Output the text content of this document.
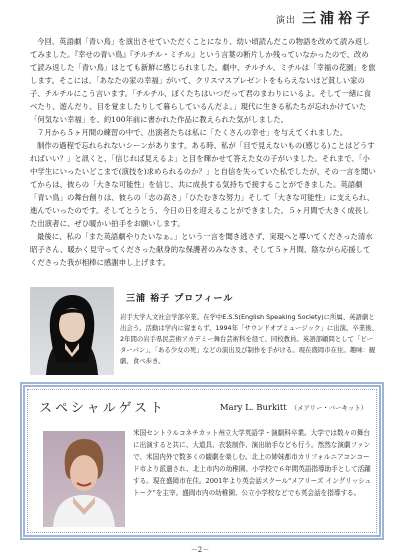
演出 三浦裕子

今回、英語劇「青い鳥」を演出させていただくことになり、幼い頃読んだこの物語を改めて読み返してみました。『幸せの青い鳥』『チルチル・ミチル』という言葉の断片しか残っていなかったので、改めて読み返した「青い鳥」はとても新鮮に感じられました。劇中、チルチル、ミチルは「幸福の花園」を旅します。そこには、「あなたの家の幸福」がいて、クリスマスプレゼントをもらえないほど貧しい家の子、チルチルにこう言います。「チルチル、ぼくたちはいつだって君のまわりにいるよ。そして一緒に食べたり、遊んだり、目を覚ましたりして暮らしているんだよ。」現代に生きる私たちが忘れかけていた「何気ない幸福」を、約100年前に書かれた作品に教えられた気がしました。

７月から５ヶ月間の練習の中で、出演者たちは私に「たくさんの幸せ」を与えてくれました。

制作の過程で忘れられないシーンがあります。ある時、私が「目で見えないもの(感じる)ことはどうすればいい？」と訊くと、「信じれば見えるよ」と目を輝かせて答えた女の子がいました。それまで、「小中学生にいったいどこまで(演技を)求められるのか？」と自信を失っていた私でしたが、その一言を聞いてからは、彼らの「大きな可能性」を信じ、共に成長する気持ちで接することができました。英語劇「青い鳥」の舞台創りは、彼らの「志の高さ」「ひたむきな努力」そして「大きな可能性」に支えられ、進んでいったのです。そしてとうとう、今日の日を迎えることができました。５ヶ月間で大きく成長した出演者に、ぜひ暖かい拍手をお願いします。

最後に、私の「また英語劇やりたいなぁ。」という一言を聞き逃さず、実現へと導いてくださった清水昭子さん、暖かく見守ってくださった献身的な保護者のみなさま、そして５ヶ月間、陰ながら応援してくださった我が相棒に感謝申し上げます。

三浦 裕子 プロフィール
岩手大学人文社会学部卒業。在学中E.S.S(English Speaking Society)に所属、英語劇と出会う。活動は学内に留まらず、1994年「サウンドオブミュージック」に出演。卒業後、2年間の岩手県民芸術アカデミー舞台芸術科を経て、同校教員。英語部顧問として「ピーターパン」、「ある少女の死」などの演出及び制作を手がける。現在盛岡市在住。趣味：観劇、食べ歩き。
スペシャルゲスト	Mary L. Burkitt （メアリー・バーキット）
米国セントラルコネチカット州立大学英語学・演劇科卒業。大学では数々の舞台に出演すると共に、大道具、衣装制作、演出助手なども行う。然然な演劇ファンで、米国内外で数多くの観劇を楽しむ。北上の姉妹都市カリフォルニアコンコード市より派遣され、北上市内の幼稚園、小学校で６年間英語指導助手として活躍する。現在盛岡市在住。2001年より英会話スクール"メアリーズ イングリッシュ トーク"を主宰。盛岡市内の幼稚園、公立小学校などでも英会話を指導する。
－2－
